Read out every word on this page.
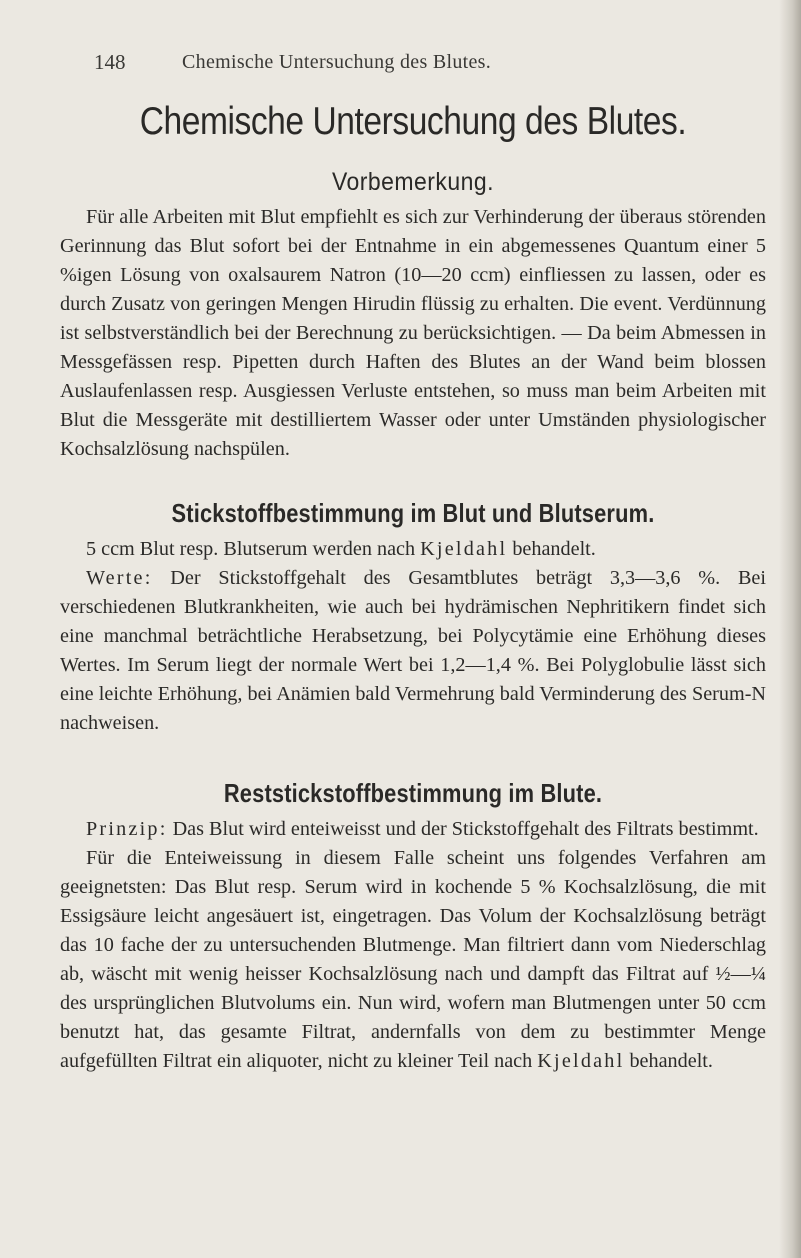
148	Chemische Untersuchung des Blutes.
Chemische Untersuchung des Blutes.
Vorbemerkung.

Für alle Arbeiten mit Blut empfiehlt es sich zur Verhinderung der überaus störenden Gerinnung das Blut sofort bei der Entnahme in ein abgemessenes Quantum einer 5 %igen Lösung von oxalsaurem Natron (10—20 ccm) einfliessen zu lassen, oder es durch Zusatz von geringen Mengen Hirudin flüssig zu erhalten. Die event. Verdünnung ist selbstverständlich bei der Berechnung zu berücksichtigen. — Da beim Abmessen in Messgefässen resp. Pipetten durch Haften des Blutes an der Wand beim blossen Auslaufenlassen resp. Ausgiessen Verluste entstehen, so muss man beim Arbeiten mit Blut die Messgeräte mit destilliertem Wasser oder unter Umständen physiologischer Kochsalzlösung nachspülen.

Stickstoffbestimmung im Blut und Blutserum.

5 ccm Blut resp. Blutserum werden nach Kjeldahl behandelt.

Werte: Der Stickstoffgehalt des Gesamtblutes beträgt 3,3—3,6 %. Bei verschiedenen Blutkrankheiten, wie auch bei hydrämischen Nephritikern findet sich eine manchmal beträchtliche Herabsetzung, bei Polycytämie eine Erhöhung dieses Wertes. Im Serum liegt der normale Wert bei 1,2—1,4 %. Bei Polyglobulie lässt sich eine leichte Erhöhung, bei Anämien bald Vermehrung bald Verminderung des Serum-N nachweisen.

Reststickstoffbestimmung im Blute.

Prinzip: Das Blut wird enteiweisst und der Stickstoffgehalt des Filtrats bestimmt.

Für die Enteiweissung in diesem Falle scheint uns folgendes Verfahren am geeignetsten: Das Blut resp. Serum wird in kochende 5 % Kochsalzlösung, die mit Essigsäure leicht angesäuert ist, eingetragen. Das Volum der Kochsalzlösung beträgt das 10 fache der zu untersuchenden Blutmenge. Man filtriert dann vom Niederschlag ab, wäscht mit wenig heisser Kochsalzlösung nach und dampft das Filtrat auf ½—¼ des ursprünglichen Blutvolums ein. Nun wird, wofern man Blutmengen unter 50 ccm benutzt hat, das gesamte Filtrat, andernfalls von dem zu bestimmter Menge aufgefüllten Filtrat ein aliquoter, nicht zu kleiner Teil nach Kjeldahl behandelt.
